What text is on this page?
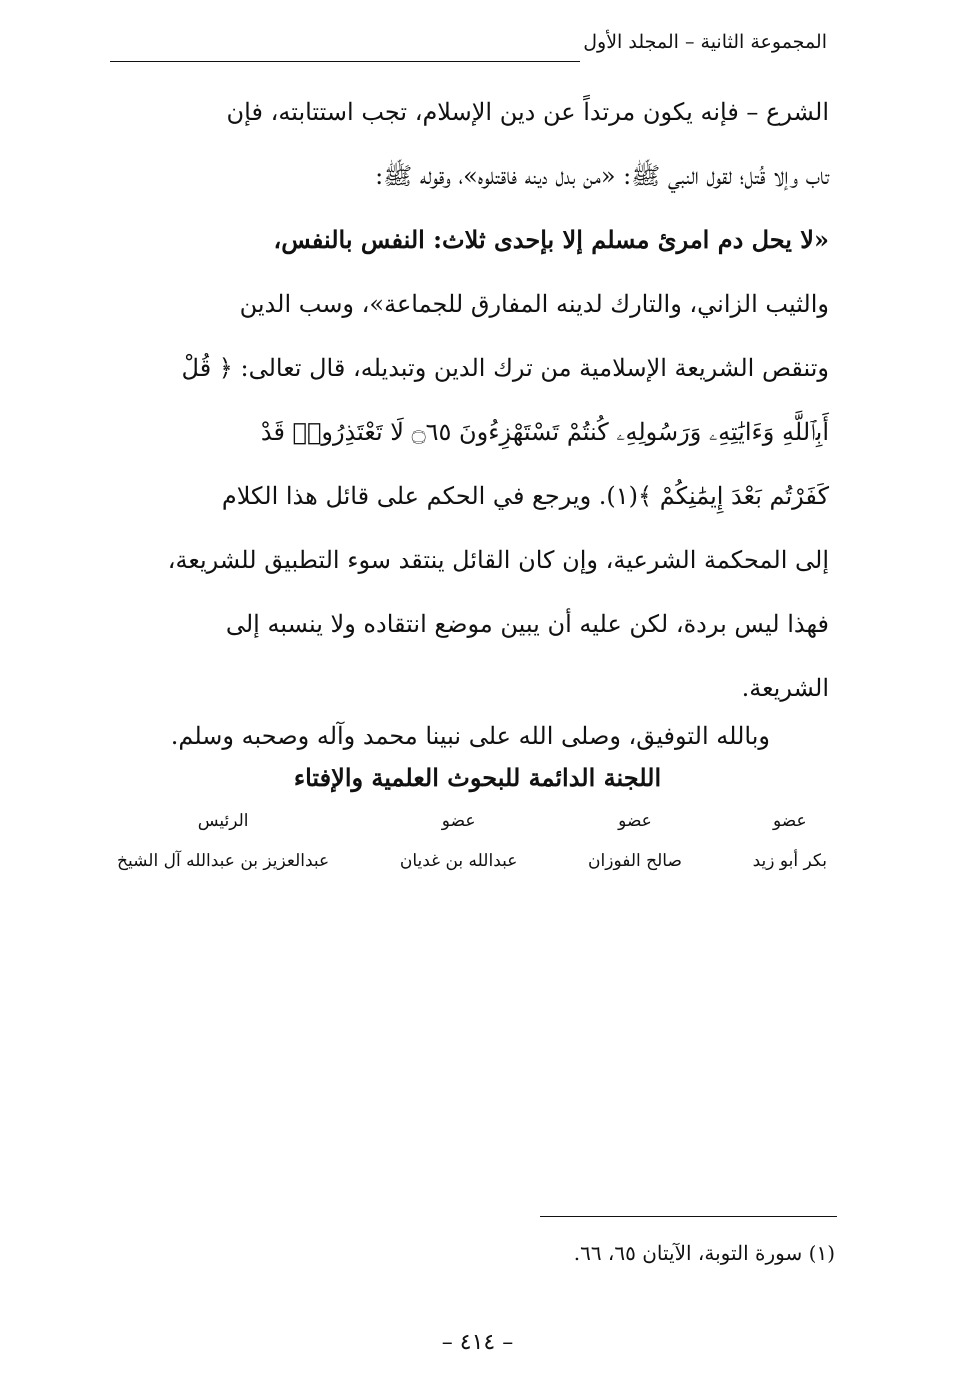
المجموعة الثانية – المجلد الأول

الشرع – فإنه يكون مرتداً عن دين الإسلام، تجب استتابته، فإن

تاب وإلا قُتل؛ لقول النبي ﷺ: «من بدل دينه فاقتلوه»، وقوله ﷺ:

«لا يحل دم امرئ مسلم إلا بإحدى ثلاث: النفس بالنفس،

والثيب الزاني، والتارك لدينه المفارق للجماعة»، وسب الدين

وتنقص الشريعة الإسلامية من ترك الدين وتبديله، قال تعالى: ﴿ قُلْ

أَبِٱللَّهِ وَءَايَٰتِهِۦ وَرَسُولِهِۦ كُنتُمْ تَسْتَهْزِءُونَ ۝٦٥ لَا تَعْتَذِرُوا۟ قَدْ

كَفَرْتُم بَعْدَ إِيمَٰنِكُمْ ﴾(١). ويرجع في الحكم على قائل هذا الكلام

إلى المحكمة الشرعية، وإن كان القائل ينتقد سوء التطبيق للشريعة،

فهذا ليس بردة، لكن عليه أن يبين موضع انتقاده ولا ينسبه إلى

الشريعة.

وبالله التوفيق، وصلى الله على نبينا محمد وآله وصحبه وسلم.
اللجنة الدائمة للبحوث العلمية والإفتاء
عضو
بكر أبو زيد
عضو
صالح الفوزان
عضو
عبدالله بن غديان
الرئيس
عبدالعزيز بن عبدالله آل الشيخ
(١) سورة التوبة، الآيتان ٦٥، ٦٦.
– ٤١٤ –
